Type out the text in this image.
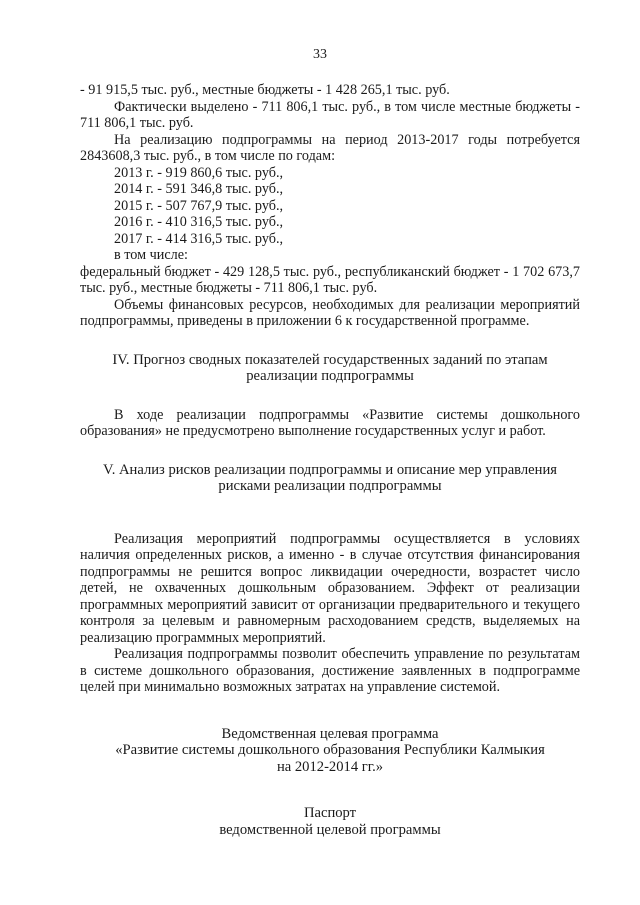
33

- 91 915,5 тыс. руб., местные бюджеты - 1 428 265,1 тыс. руб.

Фактически выделено - 711 806,1 тыс. руб., в том числе местные бюджеты - 711 806,1 тыс. руб.

На реализацию подпрограммы на период 2013-2017 годы потребуется 2843608,3 тыс. руб., в том числе по годам:

2013 г. - 919 860,6 тыс. руб.,
2014 г. - 591 346,8 тыс. руб.,
2015 г. - 507 767,9 тыс. руб.,
2016 г. - 410 316,5 тыс. руб.,
2017 г. - 414 316,5 тыс. руб.,
в том числе:

федеральный бюджет - 429 128,5 тыс. руб., республиканский бюджет - 1 702 673,7 тыс. руб., местные бюджеты - 711 806,1 тыс. руб.

Объемы финансовых ресурсов, необходимых для реализации мероприятий подпрограммы, приведены в приложении 6 к государственной программе.

IV. Прогноз сводных показателей государственных заданий по этапам

реализации подпрограммы

В ходе реализации подпрограммы «Развитие системы дошкольного образования» не предусмотрено выполнение государственных услуг и работ.

V. Анализ рисков реализации подпрограммы и описание мер управления

рисками реализации подпрограммы

Реализация мероприятий подпрограммы осуществляется в условиях наличия определенных рисков, а именно - в случае отсутствия финансирования подпрограммы не решится вопрос ликвидации очередности, возрастет число детей, не охваченных дошкольным образованием. Эффект от реализации программных мероприятий зависит от организации предварительного и текущего контроля за целевым и равномерным расходованием средств, выделяемых на реализацию программных мероприятий.

Реализация подпрограммы позволит обеспечить управление по результатам в системе дошкольного образования, достижение заявленных в подпрограмме целей при минимально возможных затратах на управление системой.

Ведомственная целевая программа

«Развитие системы дошкольного образования Республики Калмыкия

на 2012-2014 гг.»

Паспорт

ведомственной целевой программы
